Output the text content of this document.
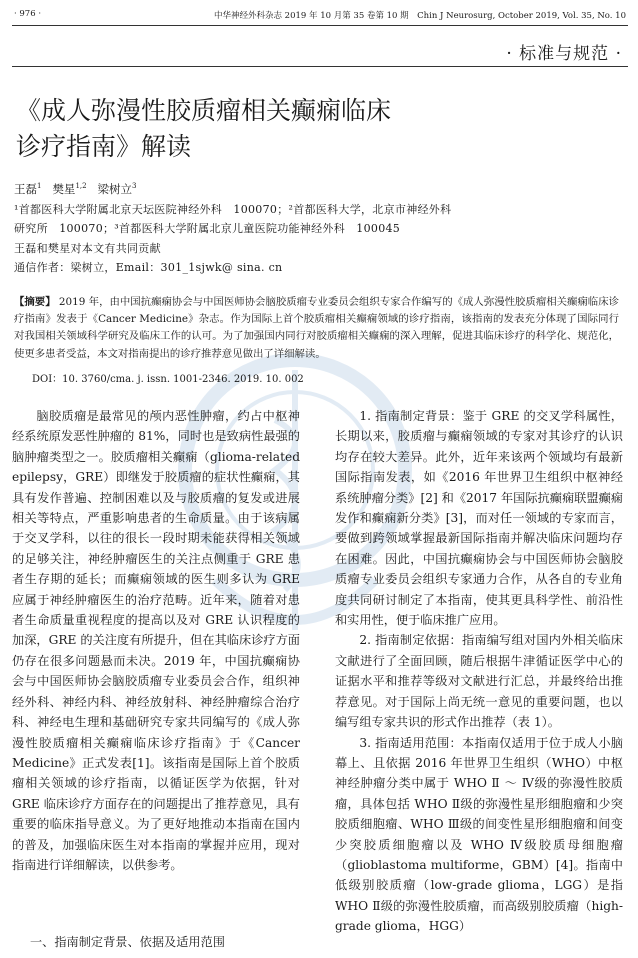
· 976 ·	中华神经外科杂志 2019 年 10 月第 35 卷第 10 期　Chin J Neurosurg, October 2019, Vol. 35, No. 10
· 标准与规范 ·
《成人弥漫性胶质瘤相关癫痫临床
诊疗指南》解读
王磊$^1$ 樊星$^{1,2}$ 梁树立$^3$
¹首都医科大学附属北京天坛医院神经外科　100070；²首都医科大学，北京市神经外科
研究所　100070；³首都医科大学附属北京儿童医院功能神经外科　100045
王磊和樊星对本文有共同贡献
通信作者：梁树立，Email：301_1sjwk@ sina. cn
【摘要】 2019 年，由中国抗癫痫协会与中国医师协会脑胶质瘤专业委员会组织专家合作编写的《成人弥漫性胶质瘤相关癫痫临床诊疗指南》发表于《Cancer Medicine》杂志。作为国际上首个胶质瘤相关癫痫领域的诊疗指南，该指南的发表充分体现了国际同行对我国相关领域科学研究及临床工作的认可。为了加强国内同行对胶质瘤相关癫痫的深入理解，促进其临床诊疗的科学化、规范化，使更多患者受益，本文对指南提出的诊疗推荐意见做出了详细解读。
DOI：10. 3760/cma. j. issn. 1001-2346. 2019. 10. 002

脑胶质瘤是最常见的颅内恶性肿瘤，约占中枢神经系统原发恶性肿瘤的 81%，同时也是致病性最强的脑肿瘤类型之一。胶质瘤相关癫痫（glioma-related epilepsy，GRE）即继发于胶质瘤的症状性癫痫，其具有发作普遍、控制困难以及与胶质瘤的复发或进展相关等特点，严重影响患者的生命质量。由于该病属于交叉学科，以往的很长一段时期未能获得相关领域的足够关注，神经肿瘤医生的关注点侧重于 GRE 患者生存期的延长；而癫痫领域的医生则多认为 GRE 应属于神经肿瘤医生的治疗范畴。近年来，随着对患者生命质量重视程度的提高以及对 GRE 认识程度的加深，GRE 的关注度有所提升，但在其临床诊疗方面仍存在很多问题悬而未决。2019 年，中国抗癫痫协会与中国医师协会脑胶质瘤专业委员会合作，组织神经外科、神经内科、神经放射科、神经肿瘤综合治疗科、神经电生理和基础研究专家共同编写的《成人弥漫性胶质瘤相关癫痫临床诊疗指南》于《Cancer Medicine》正式发表[1]。该指南是国际上首个胶质瘤相关领域的诊疗指南，以循证医学为依据，针对 GRE 临床诊疗方面存在的问题提出了推荐意见，具有重要的临床指导意义。为了更好地推动本指南在国内的普及，加强临床医生对本指南的掌握并应用，现对指南进行详细解读，以供参考。

一、指南制定背景、依据及适用范围

1. 指南制定背景：鉴于 GRE 的交叉学科属性，长期以来，胶质瘤与癫痫领域的专家对其诊疗的认识均存在较大差异。此外，近年来该两个领域均有最新国际指南发表，如《2016 年世界卫生组织中枢神经系统肿瘤分类》[2] 和《2017 年国际抗癫痫联盟癫痫发作和癫痫新分类》[3]，而对任一领域的专家而言，要做到跨领域掌握最新国际指南并解决临床问题均存在困难。因此，中国抗癫痫协会与中国医师协会脑胶质瘤专业委员会组织专家通力合作，从各自的专业角度共同研讨制定了本指南，使其更具科学性、前沿性和实用性，便于临床推广应用。

2. 指南制定依据：指南编写组对国内外相关临床文献进行了全面回顾，随后根据牛津循证医学中心的证据水平和推荐等级对文献进行汇总，并最终给出推荐意见。对于国际上尚无统一意见的重要问题，也以编写组专家共识的形式作出推荐（表 1）。

3. 指南适用范围：本指南仅适用于位于成人小脑幕上、且依据 2016 年世界卫生组织（WHO）中枢神经肿瘤分类中属于 WHO Ⅱ ～ Ⅳ级的弥漫性胶质瘤，具体包括 WHO Ⅱ级的弥漫性星形细胞瘤和少突胶质细胞瘤、WHO Ⅲ级的间变性星形细胞瘤和间变少突胶质细胞瘤以及 WHO Ⅳ级胶质母细胞瘤（glioblastoma multiforme，GBM）[4]。指南中低级别胶质瘤（low-grade glioma，LGG）是指 WHO Ⅱ级的弥漫性胶质瘤，而高级别胶质瘤（high-grade glioma，HGG）
